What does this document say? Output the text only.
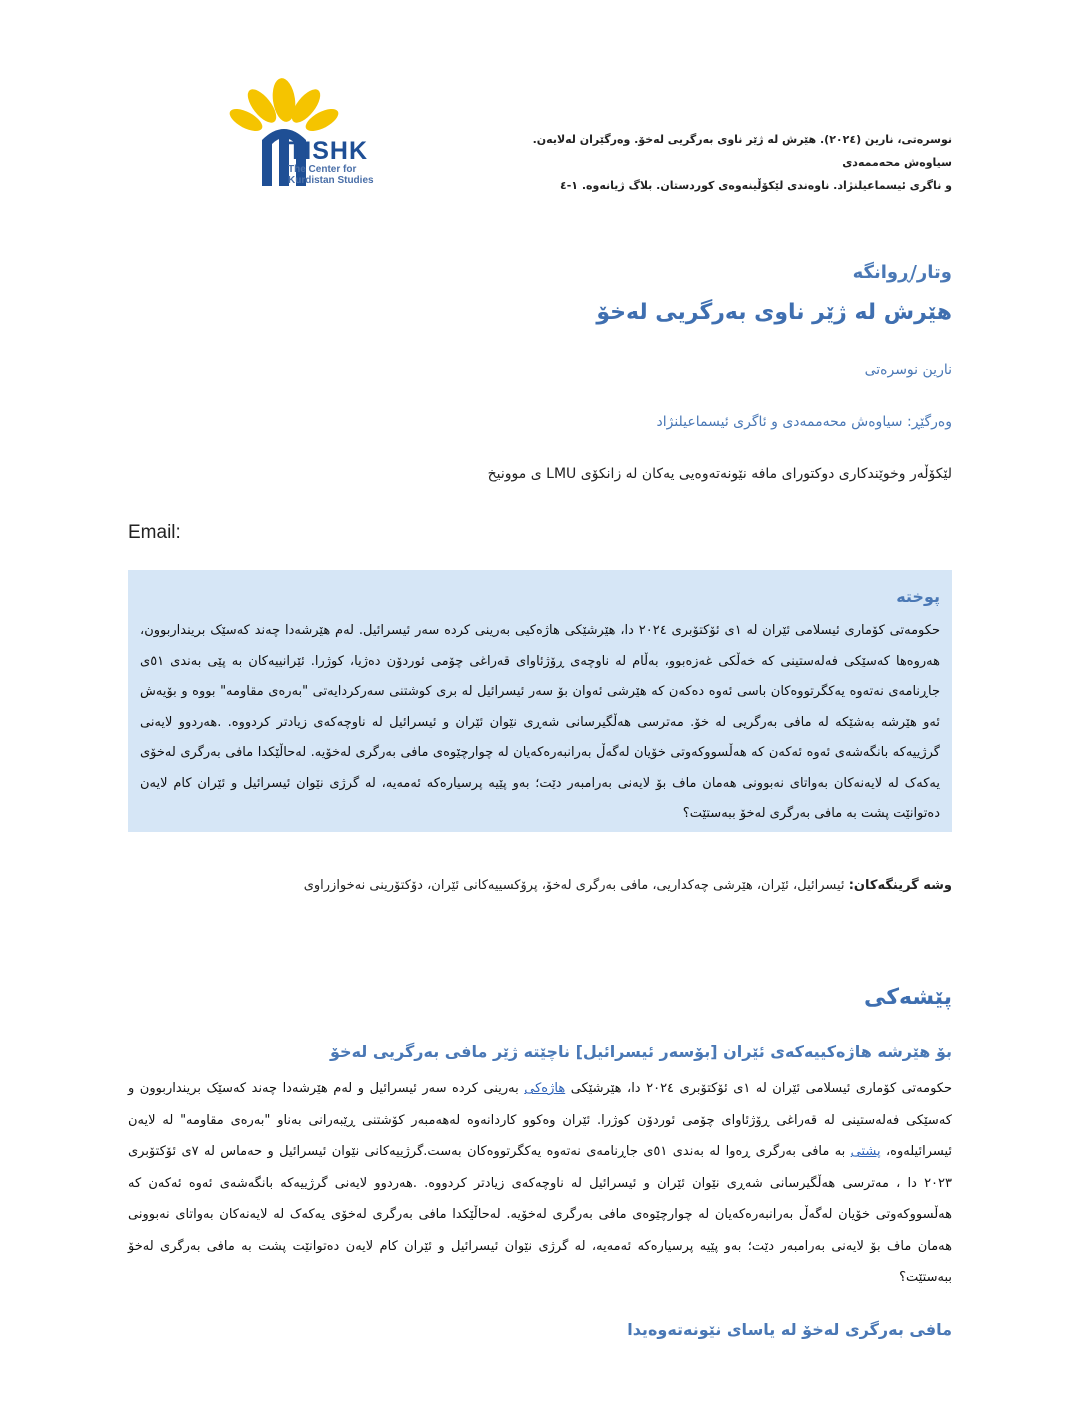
TISHK
The Center for
Kurdistan Studies
نوسرەتی، نارین (٢٠٢٤). هێرش لە ژێر ناوی بەرگریی لەخۆ. وەرگێران لەلایەن. سیاوەش محەممەدی
و ناگری ئیسماعیلنژاد. ناوەندی لێکۆڵینەوەی کوردستان. بلاگ ژیانەوە. ١-٤
وتار/ڕوانگە
هێرش لە ژێر ناوی بەرگریی لەخۆ
نارین نوسرەتی
وەرگێڕ: سیاوەش محەممەدی و ئاگری ئیسماعیلنژاد
لێکۆڵەر وخوێندکاری دوکتورای مافە نێونەتەوەیی یەکان لە زانکۆی LMU ی موونیخ
Email:
پوختە
حکومەتی کۆماری ئیسلامی ئێران لە ١ی ئۆکتۆبری ٢٠٢٤ دا، هێرشێکی هاژەکیی بەرینی کردە سەر ئیسرائیل. لەم هێرشەدا چەند کەسێک برینداربوون، هەروەها کەسێکی فەلەستینی کە خەڵکی غەزەبوو، بەڵام لە ناوچەی ڕۆژئاوای قەراغی چۆمی ئوردۆن دەژیا، کوژرا. ئێرانییەکان بە پێی بەندی ٥١ی جاڕنامەی نەتەوە یەکگرتووەکان باسی ئەوە دەکەن کە هێرشی ئەوان بۆ سەر ئیسرائیل لە بری کوشتنی سەرکردایەتی "بەرەی مقاومە" بووە و بۆیەش ئەو هێرشە بەشێکە لە مافی بەرگریی لە خۆ. مەترسی هەڵگیرسانی شەڕی نێوان ئێران و ئیسرائیل لە ناوچەکەی زیادتر کردووە. .هەردوو لایەنی گرژییەکە بانگەشەی ئەوە ئەکەن کە هەڵسووکەوتی خۆیان لەگەڵ بەرانبەرەکەیان لە چوارچێوەی مافی بەرگری لەخۆیە. لەحاڵێکدا مافی بەرگری لەخۆی یەکەک لە لایەنەکان بەواتای نەبوونی هەمان ماف بۆ لایەنی بەرامبەر دێت؛ بەو پێیە پرسیارەکە ئەمەیە، لە گرژی نێوان ئیسرائیل و ئێران کام لایەن دەتوانێت پشت بە مافی بەرگری لەخۆ ببەستێت؟
وشە گرینگەکان: ئیسرائیل، ئێران، هێرشی چەکداریی، مافی بەرگری لەخۆ، پرۆکسییەکانی ئێران، دۆکتۆرینی نەخوازراوی
پێشەکی
بۆ هێرشە هاژەکییەکەی ئێران [بۆسەر ئیسرائیل] ناچێتە ژێر مافی بەرگریی لەخۆ
حکومەتی کۆماری ئیسلامی ئێران لە ١ی ئۆکتۆبری ٢٠٢٤ دا، هێرشێکی هاژەکی بەرینی کردە سەر ئیسرائیل و لەم هێرشەدا چەند کەسێک برینداربوون و کەسێکی فەلەستینی لە قەراغی ڕۆژئاوای چۆمی ئوردۆن کوژرا. ئێران وەکوو کاردانەوە لەهەمبەر کۆشتنی ڕێبەرانی بەناو "بەرەی مقاومە" لە لایەن ئیسرائیلەوە، پشتی بە مافی بەرگری ڕەوا لە بەندی ٥١ی جاڕنامەی نەتەوە یەکگرتووەکان بەست.گرژییەکانی نێوان ئیسرائیل و حەماس لە ٧ی ئۆکتۆبری ٢٠٢٣ دا ، مەترسی هەڵگیرسانی شەڕی نێوان ئێران و ئیسرائیل لە ناوچەکەی زیادتر کردووە. .هەردوو لایەنی گرژییەکە بانگەشەی ئەوە ئەکەن کە هەڵسووکەوتی خۆیان لەگەڵ بەرانبەرەکەیان لە چوارچێوەی مافی بەرگری لەخۆیە. لەحاڵێکدا مافی بەرگری لەخۆی یەکەک لە لایەنەکان بەواتای نەبوونی هەمان ماف بۆ لایەنی بەرامبەر دێت؛ بەو پێیە پرسیارەکە ئەمەیە، لە گرژی نێوان ئیسرائیل و ئێران کام لایەن دەتوانێت پشت بە مافی بەرگری لەخۆ ببەستێت؟
مافی بەرگری لەخۆ لە یاسای نێونەتەوەیدا
